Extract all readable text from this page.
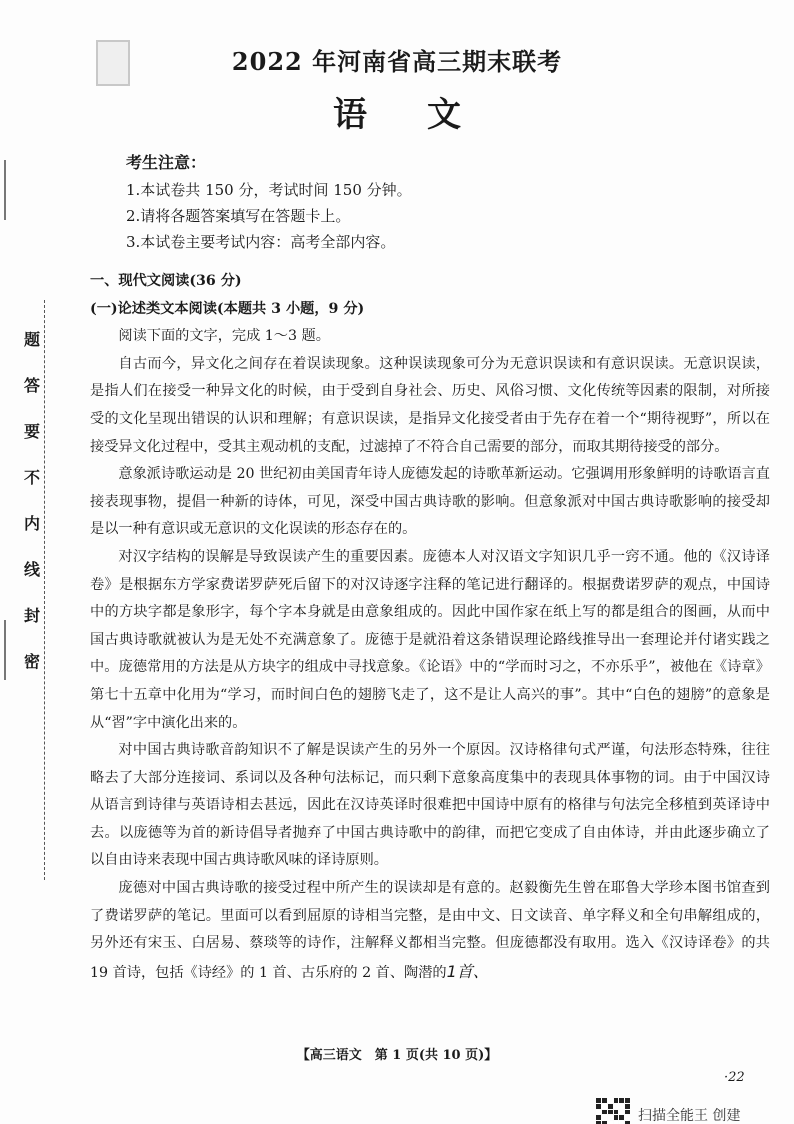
题
答
要
不
内
线
封
密
2022 年河南省高三期末联考
语文
考生注意：
1.本试卷共 150 分，考试时间 150 分钟。
2.请将各题答案填写在答题卡上。
3.本试卷主要考试内容：高考全部内容。
一、现代文阅读(36 分)
(一)论述类文本阅读(本题共 3 小题，9 分)
阅读下面的文字，完成 1～3 题。

自古而今，异文化之间存在着误读现象。这种误读现象可分为无意识误读和有意识误读。无意识误读，是指人们在接受一种异文化的时候，由于受到自身社会、历史、风俗习惯、文化传统等因素的限制，对所接受的文化呈现出错误的认识和理解；有意识误读，是指异文化接受者由于先存在着一个“期待视野”，所以在接受异文化过程中，受其主观动机的支配，过滤掉了不符合自己需要的部分，而取其期待接受的部分。

意象派诗歌运动是 20 世纪初由美国青年诗人庞德发起的诗歌革新运动。它强调用形象鲜明的诗歌语言直接表现事物，提倡一种新的诗体，可见，深受中国古典诗歌的影响。但意象派对中国古典诗歌影响的接受却是以一种有意识或无意识的文化误读的形态存在的。

对汉字结构的误解是导致误读产生的重要因素。庞德本人对汉语文字知识几乎一窍不通。他的《汉诗译卷》是根据东方学家费诺罗萨死后留下的对汉诗逐字注释的笔记进行翻译的。根据费诺罗萨的观点，中国诗中的方块字都是象形字，每个字本身就是由意象组成的。因此中国作家在纸上写的都是组合的图画，从而中国古典诗歌就被认为是无处不充满意象了。庞德于是就沿着这条错误理论路线推导出一套理论并付诸实践之中。庞德常用的方法是从方块字的组成中寻找意象。《论语》中的“学而时习之，不亦乐乎”，被他在《诗章》第七十五章中化用为“学习，而时间白色的翅膀飞走了，这不是让人高兴的事”。其中“白色的翅膀”的意象是从“習”字中演化出来的。

对中国古典诗歌音韵知识不了解是误读产生的另外一个原因。汉诗格律句式严谨，句法形态特殊，往往略去了大部分连接词、系词以及各种句法标记，而只剩下意象高度集中的表现具体事物的词。由于中国汉诗从语言到诗律与英语诗相去甚远，因此在汉诗英译时很难把中国诗中原有的格律与句法完全移植到英译诗中去。以庞德等为首的新诗倡导者抛弃了中国古典诗歌中的韵律，而把它变成了自由体诗，并由此逐步确立了以自由诗来表现中国古典诗歌风味的译诗原则。

庞德对中国古典诗歌的接受过程中所产生的误读却是有意的。赵毅衡先生曾在耶鲁大学珍本图书馆查到了费诺罗萨的笔记。里面可以看到屈原的诗相当完整，是由中文、日文读音、单字释义和全句串解组成的，另外还有宋玉、白居易、蔡琰等的诗作，注解释义都相当完整。但庞德都没有取用。选入《汉诗译卷》的共 19 首诗，包括《诗经》的 1 首、古乐府的 2 首、陶潜的1首、

【高三语文　第 1 页(共 10 页)】
·22
扫描全能王 创建
